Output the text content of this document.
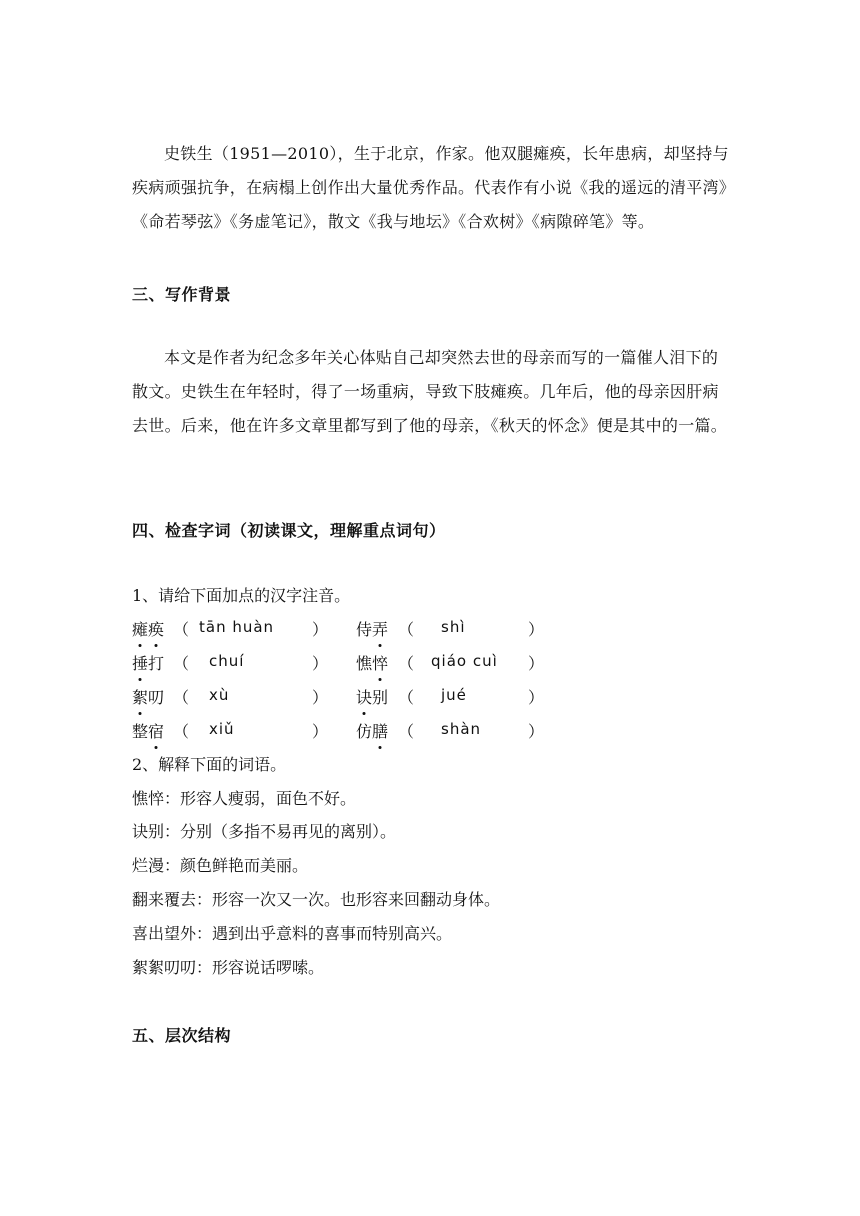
史铁生（1951—2010），生于北京，作家。他双腿瘫痪，长年患病，却坚持与疾病顽强抗争，在病榻上创作出大量优秀作品。代表作有小说《我的遥远的清平湾》《命若琴弦》《务虚笔记》，散文《我与地坛》《合欢树》《病隙碎笔》等。

三、写作背景

本文是作者为纪念多年关心体贴自己却突然去世的母亲而写的一篇催人泪下的散文。史铁生在年轻时，得了一场重病，导致下肢瘫痪。几年后，他的母亲因肝病去世。后来，他在许多文章里都写到了他的母亲，《秋天的怀念》便是其中的一篇。

四、检查字词（初读课文，理解重点词句）

1、请给下面加点的汉字注音。

瘫痪 （ tān huàn ） 侍弄 （ shì	）
捶打 （ chuí	） 憔悴 （ qiáo cuì ）
絮叨 （ xù	） 诀别 （ jué	）
整宿 （ xiǔ	） 仿膳 （ shàn	）

2、解释下面的词语。

憔悴：形容人瘦弱，面色不好。

诀别：分别（多指不易再见的离别）。

烂漫：颜色鲜艳而美丽。

翻来覆去：形容一次又一次。也形容来回翻动身体。

喜出望外：遇到出乎意料的喜事而特别高兴。

絮絮叨叨：形容说话啰嗦。

五、层次结构
